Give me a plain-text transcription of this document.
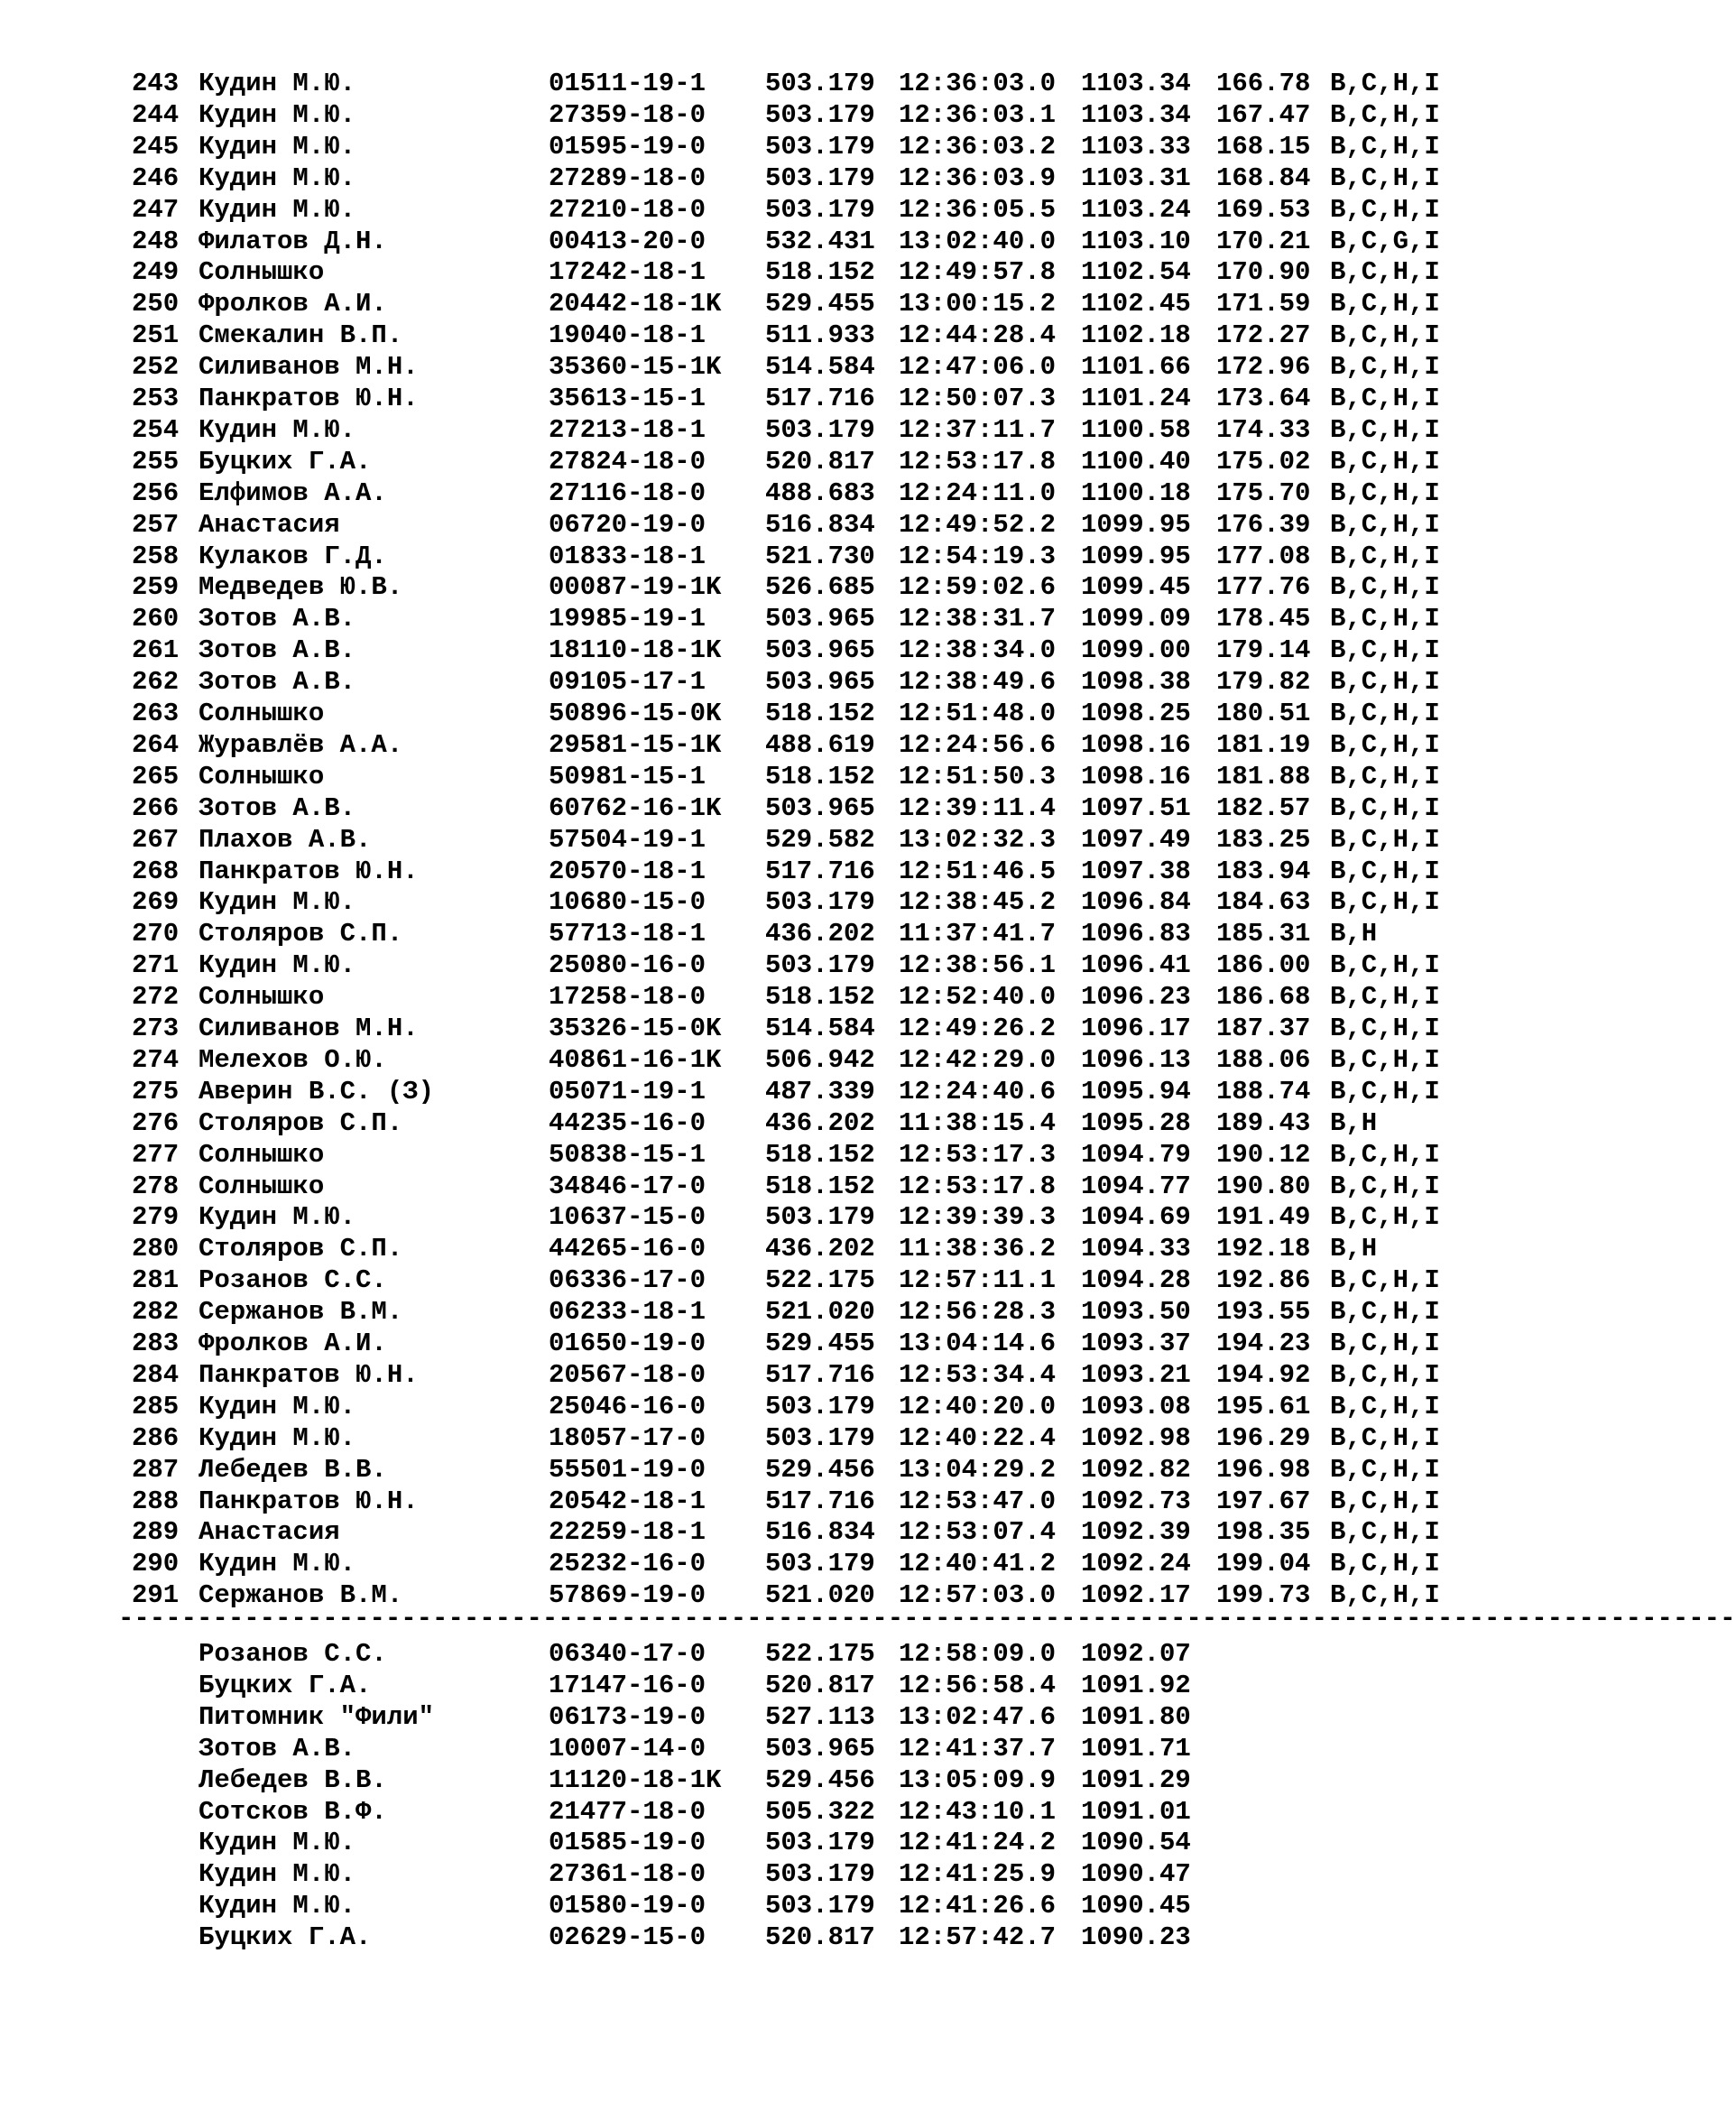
243 Кудин М.Ю.	01511-19-1 503.179 12:36:03.0 1103.34 166.78 B,C,H,I
244 Кудин М.Ю.	27359-18-0 503.179 12:36:03.1 1103.34 167.47 B,C,H,I
245 Кудин М.Ю.	01595-19-0 503.179 12:36:03.2 1103.33 168.15 B,C,H,I
246 Кудин М.Ю.	27289-18-0 503.179 12:36:03.9 1103.31 168.84 B,C,H,I
247 Кудин М.Ю.	27210-18-0 503.179 12:36:05.5 1103.24 169.53 B,C,H,I
248 Филатов Д.Н.	00413-20-0 532.431 13:02:40.0 1103.10 170.21 B,C,G,I
249 Солнышко	17242-18-1 518.152 12:49:57.8 1102.54 170.90 B,C,H,I
250 Фролков А.И.	20442-18-1K 529.455 13:00:15.2 1102.45 171.59 B,C,H,I
251 Смекалин В.П.	19040-18-1 511.933 12:44:28.4 1102.18 172.27 B,C,H,I
252 Силиванов М.Н.	35360-15-1K 514.584 12:47:06.0 1101.66 172.96 B,C,H,I
253 Панкратов Ю.Н.	35613-15-1 517.716 12:50:07.3 1101.24 173.64 B,C,H,I
254 Кудин М.Ю.	27213-18-1 503.179 12:37:11.7 1100.58 174.33 B,C,H,I
255 Буцких Г.А.	27824-18-0 520.817 12:53:17.8 1100.40 175.02 B,C,H,I
256 Елфимов А.А.	27116-18-0 488.683 12:24:11.0 1100.18 175.70 B,C,H,I
257 Анастасия	06720-19-0 516.834 12:49:52.2 1099.95 176.39 B,C,H,I
258 Кулаков Г.Д.	01833-18-1 521.730 12:54:19.3 1099.95 177.08 B,C,H,I
259 Медведев Ю.В.	00087-19-1K 526.685 12:59:02.6 1099.45 177.76 B,C,H,I
260 Зотов А.В.	19985-19-1 503.965 12:38:31.7 1099.09 178.45 B,C,H,I
261 Зотов А.В.	18110-18-1K 503.965 12:38:34.0 1099.00 179.14 B,C,H,I
262 Зотов А.В.	09105-17-1 503.965 12:38:49.6 1098.38 179.82 B,C,H,I
263 Солнышко	50896-15-0K 518.152 12:51:48.0 1098.25 180.51 B,C,H,I
264 Журавлёв А.А.	29581-15-1K 488.619 12:24:56.6 1098.16 181.19 B,C,H,I
265 Солнышко	50981-15-1 518.152 12:51:50.3 1098.16 181.88 B,C,H,I
266 Зотов А.В.	60762-16-1K 503.965 12:39:11.4 1097.51 182.57 B,C,H,I
267 Плахов А.В.	57504-19-1 529.582 13:02:32.3 1097.49 183.25 B,C,H,I
268 Панкратов Ю.Н.	20570-18-1 517.716 12:51:46.5 1097.38 183.94 B,C,H,I
269 Кудин М.Ю.	10680-15-0 503.179 12:38:45.2 1096.84 184.63 B,C,H,I
270 Столяров С.П.	57713-18-1 436.202 11:37:41.7 1096.83 185.31 B,H
271 Кудин М.Ю.	25080-16-0 503.179 12:38:56.1 1096.41 186.00 B,C,H,I
272 Солнышко	17258-18-0 518.152 12:52:40.0 1096.23 186.68 B,C,H,I
273 Силиванов М.Н.	35326-15-0K 514.584 12:49:26.2 1096.17 187.37 B,C,H,I
274 Мелехов О.Ю.	40861-16-1K 506.942 12:42:29.0 1096.13 188.06 B,C,H,I
275 Аверин В.С. (З)	05071-19-1 487.339 12:24:40.6 1095.94 188.74 B,C,H,I
276 Столяров С.П.	44235-16-0 436.202 11:38:15.4 1095.28 189.43 B,H
277 Солнышко	50838-15-1 518.152 12:53:17.3 1094.79 190.12 B,C,H,I
278 Солнышко	34846-17-0 518.152 12:53:17.8 1094.77 190.80 B,C,H,I
279 Кудин М.Ю.	10637-15-0 503.179 12:39:39.3 1094.69 191.49 B,C,H,I
280 Столяров С.П.	44265-16-0 436.202 11:38:36.2 1094.33 192.18 B,H
281 Розанов С.С.	06336-17-0 522.175 12:57:11.1 1094.28 192.86 B,C,H,I
282 Сержанов В.М.	06233-18-1 521.020 12:56:28.3 1093.50 193.55 B,C,H,I
283 Фролков А.И.	01650-19-0 529.455 13:04:14.6 1093.37 194.23 B,C,H,I
284 Панкратов Ю.Н.	20567-18-0 517.716 12:53:34.4 1093.21 194.92 B,C,H,I
285 Кудин М.Ю.	25046-16-0 503.179 12:40:20.0 1093.08 195.61 B,C,H,I
286 Кудин М.Ю.	18057-17-0 503.179 12:40:22.4 1092.98 196.29 B,C,H,I
287 Лебедев В.В.	55501-19-0 529.456 13:04:29.2 1092.82 196.98 B,C,H,I
288 Панкратов Ю.Н.	20542-18-1 517.716 12:53:47.0 1092.73 197.67 B,C,H,I
289 Анастасия	22259-18-1 516.834 12:53:07.4 1092.39 198.35 B,C,H,I
290 Кудин М.Ю.	25232-16-0 503.179 12:40:41.2 1092.24 199.04 B,C,H,I
291 Сержанов В.М.	57869-19-0 521.020 12:57:03.0 1092.17 199.73 B,C,H,I
-------------------------------------------------------------------------------------------------------
Розанов С.С.	06340-17-0 522.175 12:58:09.0 1092.07
Буцких Г.А.	17147-16-0 520.817 12:56:58.4 1091.92
Питомник "Фили"	06173-19-0 527.113 13:02:47.6 1091.80
Зотов А.В.	10007-14-0 503.965 12:41:37.7 1091.71
Лебедев В.В.	11120-18-1K 529.456 13:05:09.9 1091.29
Сотсков В.Ф.	21477-18-0 505.322 12:43:10.1 1091.01
Кудин М.Ю.	01585-19-0 503.179 12:41:24.2 1090.54
Кудин М.Ю.	27361-18-0 503.179 12:41:25.9 1090.47
Кудин М.Ю.	01580-19-0 503.179 12:41:26.6 1090.45
Буцких Г.А.	02629-15-0 520.817 12:57:42.7 1090.23
